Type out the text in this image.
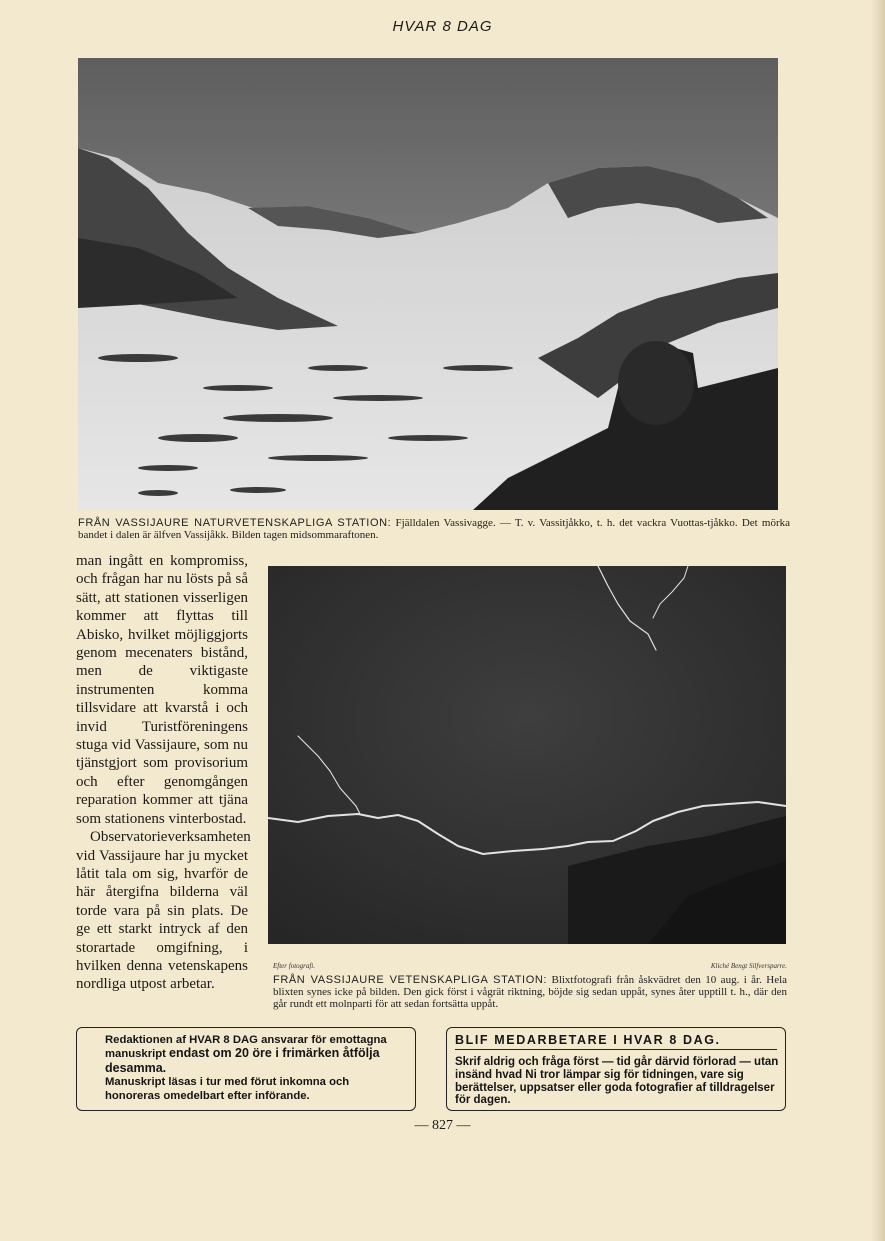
HVAR 8 DAG
FRÅN VASSIJAURE NATURVETENSKAPLIGA STATION: Fjälldalen Vassivagge. — T. v. Vassitjåkko, t. h. det vackra Vuottas-tjåkko. Det mörka bandet i dalen är älfven Vassijåkk. Bilden tagen midsommaraftonen.

man ingått en kompromiss, och frågan har nu lösts på så sätt, att stationen visserligen kommer att flyttas till Abisko, hvilket möjliggjorts genom mecenaters bistånd, men de viktigaste instrumenten komma tillsvidare att kvarstå i och invid Turistföreningens stuga vid Vassijaure, som nu tjänstgjort som provisorium och efter genomgången reparation kommer att tjäna som stationens vinterbostad.

Observatorieverksamheten vid Vassijaure har ju mycket låtit tala om sig, hvarför de här återgifna bilderna väl torde vara på sin plats. De ge ett starkt intryck af den storartade omgifning, i hvilken denna vetenskapens nordliga utpost arbetar.

Efter fotografi.	Kliché Bengt Silfversparre.
FRÅN VASSIJAURE VETENSKAPLIGA STATION: Blixtfotografi från åskvädret den 10 aug. i år. Hela blixten synes icke på bilden. Den gick först i vågrät riktning, böjde sig sedan uppåt, synes åter upptill t. h., där den går rundt ett molnparti för att sedan fortsätta uppåt.
Redaktionen af HVAR 8 DAG ansvarar för emottagna manuskript endast om 20 öre i frimärken åtfölja desamma.
Manuskript läsas i tur med förut inkomna och honoreras omedelbart efter införande.
BLIF MEDARBETARE I HVAR 8 DAG.
Skrif aldrig och fråga först — tid går därvid förlorad — utan insänd hvad Ni tror lämpar sig för tidningen, vare sig berättelser, uppsatser eller goda fotografier af tilldragelser för dagen.
— 827 —
